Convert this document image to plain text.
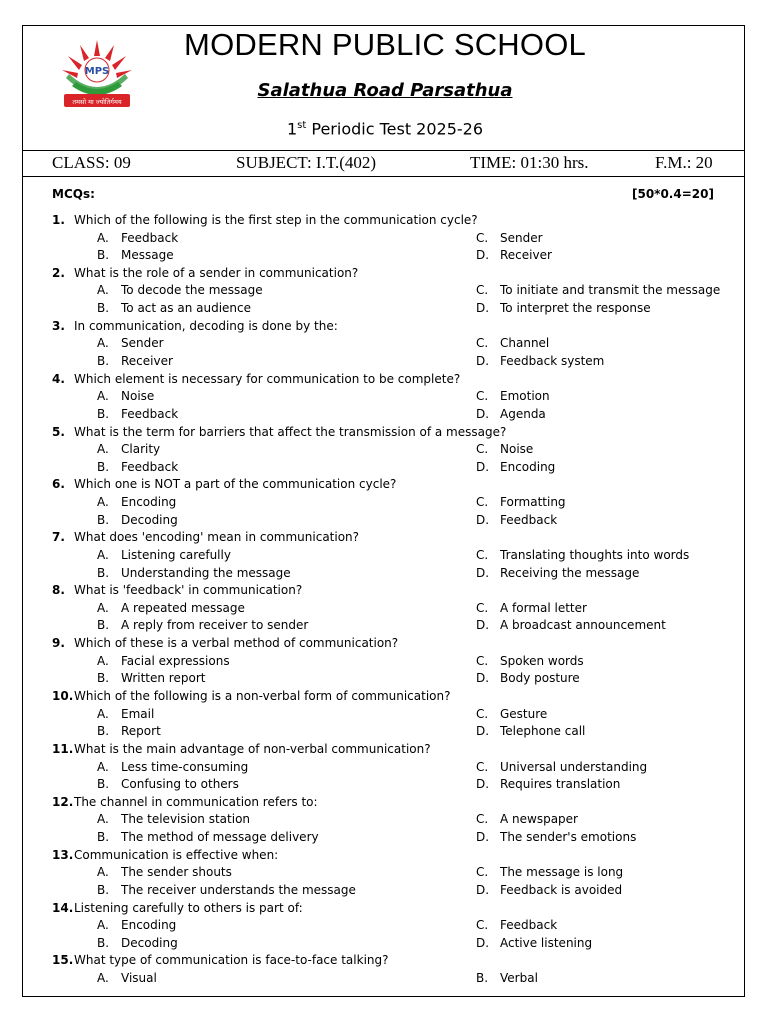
MPS
तमसो मा ज्योतिर्गमय
MODERN PUBLIC SCHOOL
Salathua Road Parsathua
1st Periodic Test 2025-26
CLASS: 09	SUBJECT: I.T.(402)	TIME: 01:30 hrs.	F.M.: 20
MCQs:	[50*0.4=20]
1. Which of the following is the first step in the communication cycle?
A. Feedback	C. Sender
B. Message	D. Receiver
2. What is the role of a sender in communication?
A. To decode the message	C. To initiate and transmit the message
B. To act as an audience	D. To interpret the response
3. In communication, decoding is done by the:
A. Sender	C. Channel
B. Receiver	D. Feedback system
4. Which element is necessary for communication to be complete?
A. Noise	C. Emotion
B. Feedback	D. Agenda
5. What is the term for barriers that affect the transmission of a message?
A. Clarity	C. Noise
B. Feedback	D. Encoding
6. Which one is NOT a part of the communication cycle?
A. Encoding	C. Formatting
B. Decoding	D. Feedback
7. What does 'encoding' mean in communication?
A. Listening carefully	C. Translating thoughts into words
B. Understanding the message	D. Receiving the message
8. What is 'feedback' in communication?
A. A repeated message	C. A formal letter
B. A reply from receiver to sender	D. A broadcast announcement
9. Which of these is a verbal method of communication?
A. Facial expressions	C. Spoken words
B. Written report	D. Body posture
10. Which of the following is a non-verbal form of communication?
A. Email	C. Gesture
B. Report	D. Telephone call
11. What is the main advantage of non-verbal communication?
A. Less time-consuming	C. Universal understanding
B. Confusing to others	D. Requires translation
12. The channel in communication refers to:
A. The television station	C. A newspaper
B. The method of message delivery	D. The sender's emotions
13. Communication is effective when:
A. The sender shouts	C. The message is long
B. The receiver understands the message	D. Feedback is avoided
14. Listening carefully to others is part of:
A. Encoding	C. Feedback
B. Decoding	D. Active listening
15. What type of communication is face-to-face talking?
A. Visual	B. Verbal
